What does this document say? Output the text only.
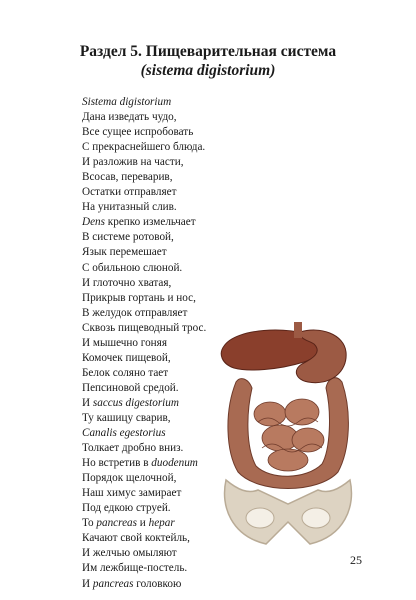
Раздел 5. Пищеварительная система
(sistema digistorium)
Sistema digistorium
Дана изведать чудо,
Все сущее испробовать
С прекраснейшего блюда.
И разложив на части,
Всосав, переварив,
Остатки отправляет
На унитазный слив.
Dens крепко измельчает
В системе ротовой,
Язык перемешает
С обильною слюной.
И глоточно хватая,
Прикрыв гортань и нос,
В желудок отправляет
Сквозь пищеводный трос.
И мышечно гоняя
Комочек пищевой,
Белок соляно тает
Пепсиновой средой.
И saccus digestorium
Ту кашицу сварив,
Canalis egestorius
Толкает дробно вниз.
Но встретив в duodenum
Порядок щелочной,
Наш химус замирает
Под едкою струей.
То pancreas и hepar
Качают свой коктейль,
И желчью омыляют
Им лежбище-постель.
И pancreas головкою
25
